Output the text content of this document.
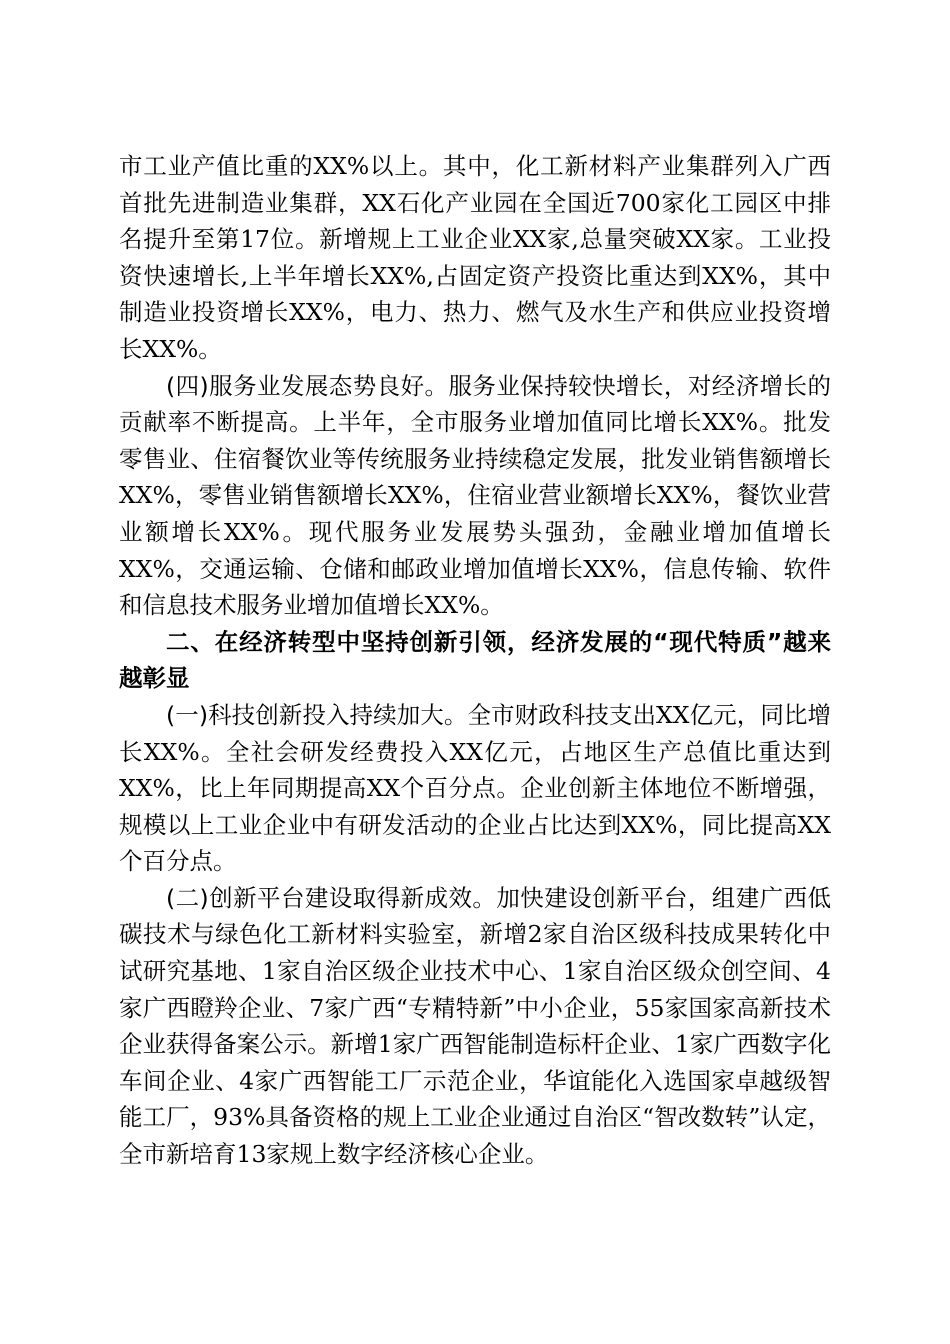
市工业产值比重的XX%以上。其中，化工新材料产业集群列入广西首批先进制造业集群，XX石化产业园在全国近700家化工园区中排名提升至第17位。新增规上工业企业XX家,总量突破XX家。工业投资快速增长,上半年增长XX%,占固定资产投资比重达到XX%，其中制造业投资增长XX%，电力、热力、燃气及水生产和供应业投资增长XX%。

(四)服务业发展态势良好。服务业保持较快增长，对经济增长的贡献率不断提高。上半年，全市服务业增加值同比增长XX%。批发零售业、住宿餐饮业等传统服务业持续稳定发展，批发业销售额增长XX%，零售业销售额增长XX%，住宿业营业额增长XX%，餐饮业营业额增长XX%。现代服务业发展势头强劲，金融业增加值增长XX%，交通运输、仓储和邮政业增加值增长XX%，信息传输、软件和信息技术服务业增加值增长XX%。

二、在经济转型中坚持创新引领，经济发展的“现代特质”越来越彰显

(一)科技创新投入持续加大。全市财政科技支出XX亿元，同比增长XX%。全社会研发经费投入XX亿元，占地区生产总值比重达到XX%，比上年同期提高XX个百分点。企业创新主体地位不断增强，规模以上工业企业中有研发活动的企业占比达到XX%，同比提高XX个百分点。

(二)创新平台建设取得新成效。加快建设创新平台，组建广西低碳技术与绿色化工新材料实验室，新增2家自治区级科技成果转化中试研究基地、1家自治区级企业技术中心、1家自治区级众创空间、4家广西瞪羚企业、7家广西“专精特新”中小企业，55家国家高新技术企业获得备案公示。新增1家广西智能制造标杆企业、1家广西数字化车间企业、4家广西智能工厂示范企业，华谊能化入选国家卓越级智能工厂，93%具备资格的规上工业企业通过自治区“智改数转”认定，全市新培育13家规上数字经济核心企业。
